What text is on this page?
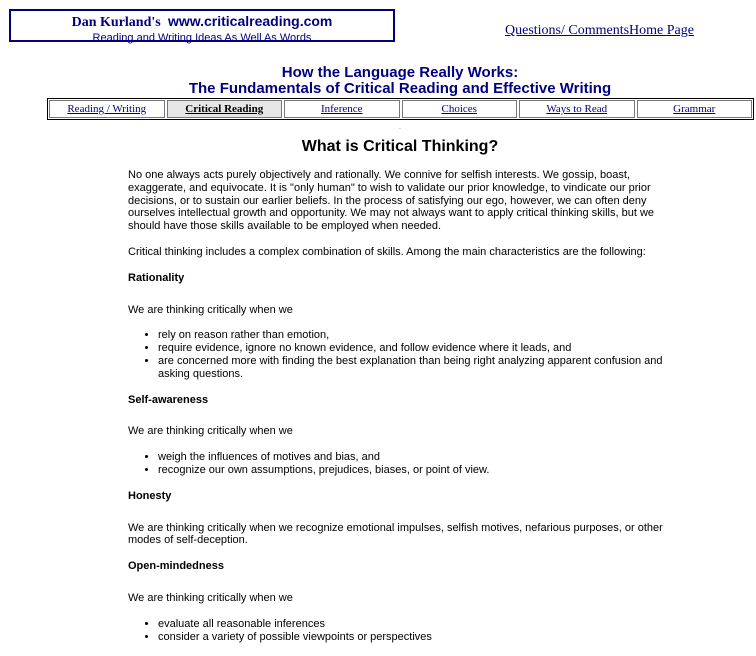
Dan Kurland's www.criticalreading.com
Reading and Writing Ideas As Well As Words	Questions/ Comments Home Page
How the Language Really Works:
The Fundamentals of Critical Reading and Effective Writing
Reading / Writing	Critical Reading	Inference	Choices	Ways to Read	Grammar
.
What is Critical Thinking?

No one always acts purely objectively and rationally. We connive for selfish interests. We gossip, boast, exaggerate, and equivocate. It is "only human" to wish to validate our prior knowledge, to vindicate our prior decisions, or to sustain our earlier beliefs. In the process of satisfying our ego, however, we can often deny ourselves intellectual growth and opportunity. We may not always want to apply critical thinking skills, but we should have those skills available to be employed when needed.

Critical thinking includes a complex combination of skills. Among the main characteristics are the following:

Rationality

We are thinking critically when we

• rely on reason rather than emotion,
• require evidence, ignore no known evidence, and follow evidence where it leads, and
• are concerned more with finding the best explanation than being right analyzing apparent confusion and asking questions.

Self-awareness

We are thinking critically when we

• weigh the influences of motives and bias, and
• recognize our own assumptions, prejudices, biases, or point of view.

Honesty

We are thinking critically when we recognize emotional impulses, selfish motives, nefarious purposes, or other modes of self-deception.

Open-mindedness

We are thinking critically when we

• evaluate all reasonable inferences
• consider a variety of possible viewpoints or perspectives
